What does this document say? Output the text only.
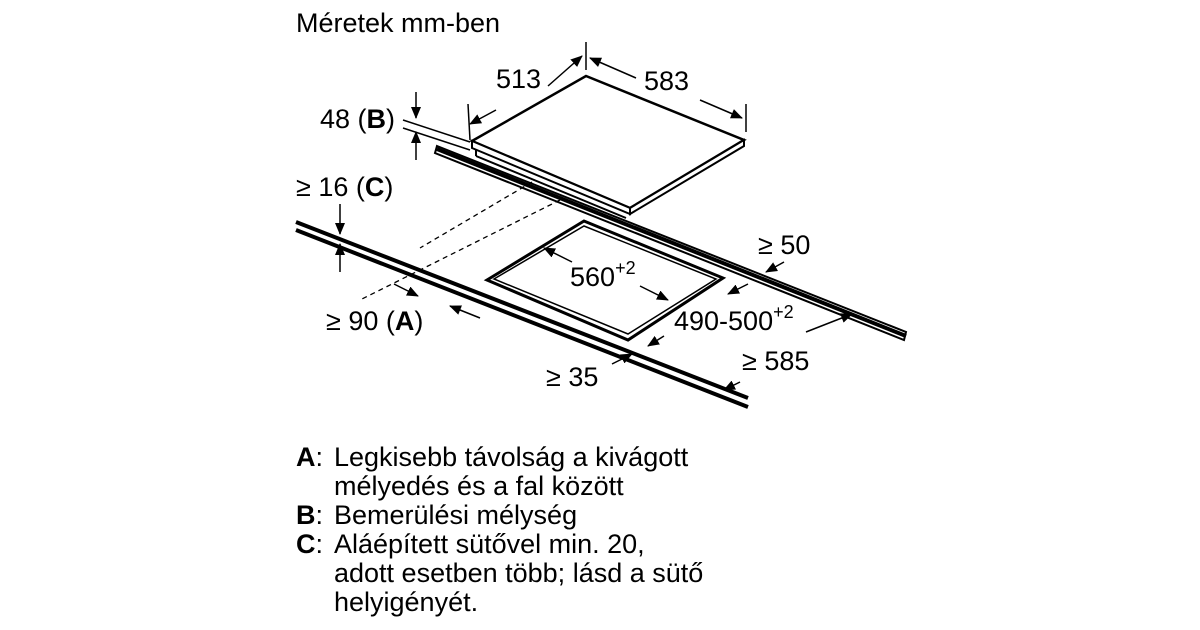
Méretek mm-ben
513	583
48 (B)
≥ 16 (C)
≥ 50
$560^{+2}$
$490-500^{+2}$
≥ 90 (A)
≥ 35
≥ 585
A: Legkisebb távolság a kivágott
mélyedés és a fal között
B: Bemerülési mélység
C: Aláépített sütővel min. 20,
adott esetben több; lásd a sütő
helyigényét.
